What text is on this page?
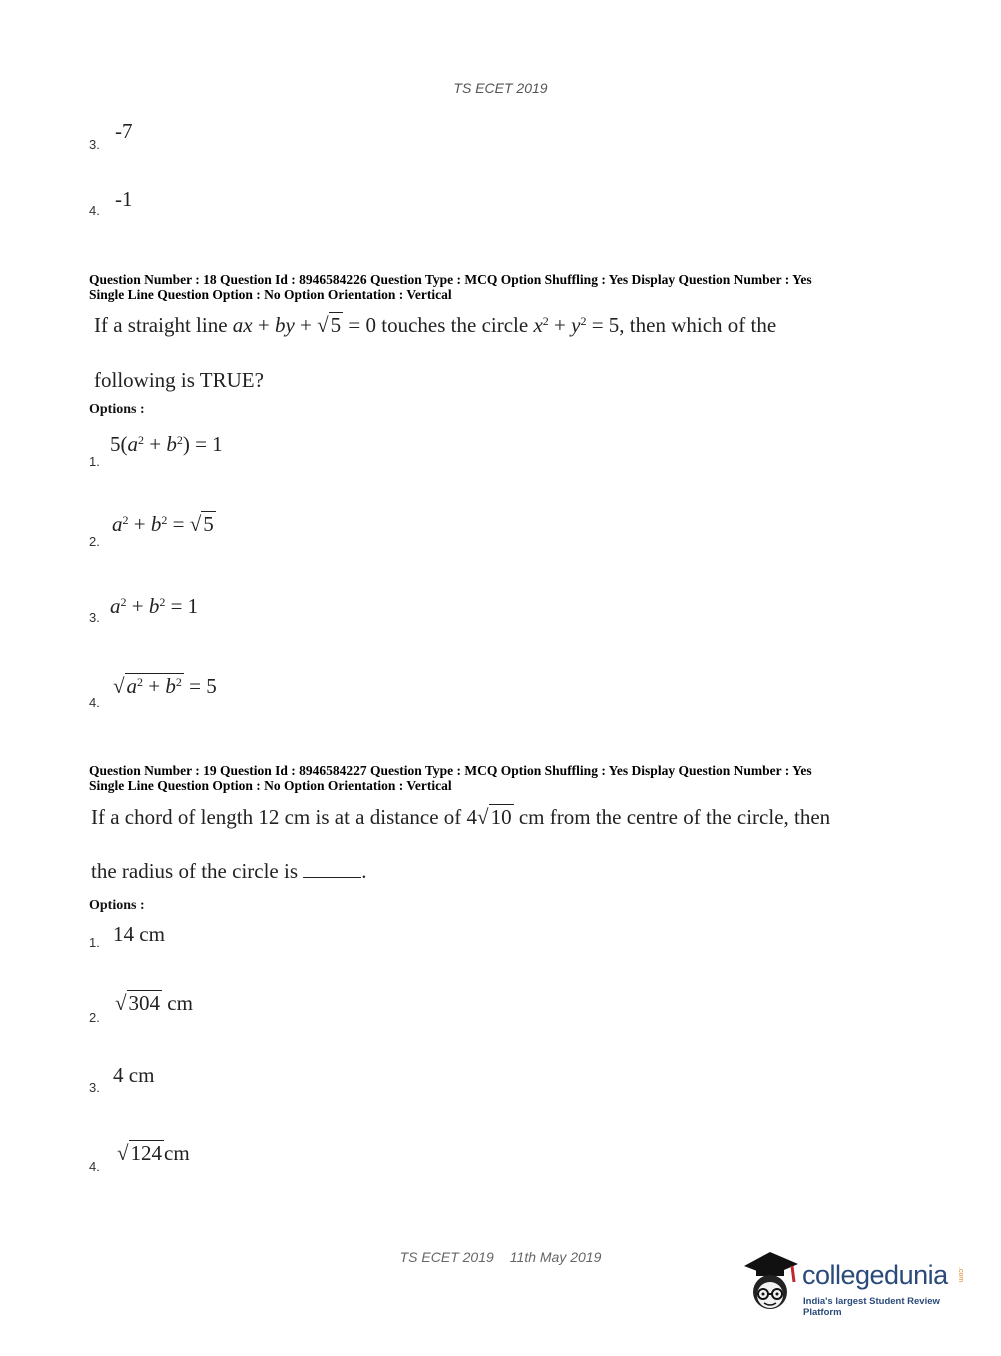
TS ECET 2019
3.
-7
4. -1
Question Number : 18 Question Id : 8946584226 Question Type : MCQ Option Shuffling : Yes Display Question Number : Yes
Single Line Question Option : No Option Orientation : Vertical
If a straight line ax + by + √5 = 0 touches the circle $x^2 + y^2 = 5$, then which of the
following is TRUE?
Options :
1.
$5(a^2 + b^2) = 1$
2.
$a^2 + b^2 = √5$
3. $a^2 + b^2 = 1$
4.
$√a^2 + b^2 = 5$
Question Number : 19 Question Id : 8946584227 Question Type : MCQ Option Shuffling : Yes Display Question Number : Yes
Single Line Question Option : No Option Orientation : Vertical
If a chord of length 12 cm is at a distance of 4√10 cm from the centre of the circle, then
the radius of the circle is	.
Options :
1. 14 cm
2.
√304 cm
3.
4 cm
4.
√124cm
TS ECET 2019 11th May 2019
collegedunia .com
India's largest Student Review Platform
